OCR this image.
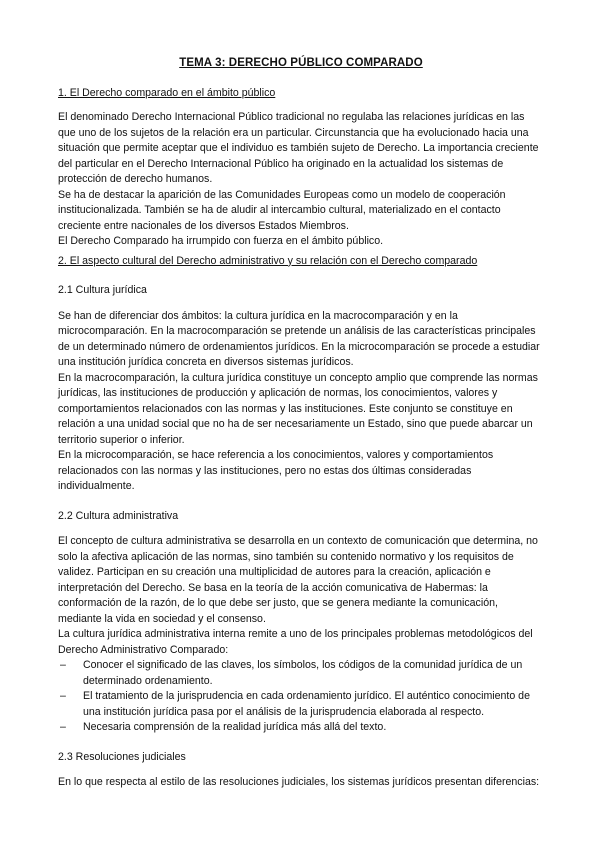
TEMA 3: DERECHO PÚBLICO COMPARADO
1. El Derecho comparado en el ámbito público

El denominado Derecho Internacional Público tradicional no regulaba las relaciones jurídicas en las que uno de los sujetos de la relación era un particular. Circunstancia que ha evolucionado hacia una situación que permite aceptar que el individuo es también sujeto de Derecho. La importancia creciente del particular en el Derecho Internacional Público ha originado en la actualidad los sistemas de protección de derecho humanos.

Se ha de destacar la aparición de las Comunidades Europeas como un modelo de cooperación institucionalizada. También se ha de aludir al intercambio cultural, materializado en el contacto creciente entre nacionales de los diversos Estados Miembros.

El Derecho Comparado ha irrumpido con fuerza en el ámbito público.

2. El aspecto cultural del Derecho administrativo y su relación con el Derecho comparado
2.1 Cultura jurídica

Se han de diferenciar dos ámbitos: la cultura jurídica en la macrocomparación y en la microcomparación. En la macrocomparación se pretende un análisis de las características principales de un determinado número de ordenamientos jurídicos. En la microcomparación se procede a estudiar una institución jurídica concreta en diversos sistemas jurídicos.

En la macrocomparación, la cultura jurídica constituye un concepto amplio que comprende las normas jurídicas, las instituciones de producción y aplicación de normas, los conocimientos, valores y comportamientos relacionados con las normas y las instituciones. Este conjunto se constituye en relación a una unidad social que no ha de ser necesariamente un Estado, sino que puede abarcar un territorio superior o inferior.

En la microcomparación, se hace referencia a los conocimientos, valores y comportamientos relacionados con las normas y las instituciones, pero no estas dos últimas consideradas individualmente.

2.2 Cultura administrativa

El concepto de cultura administrativa se desarrolla en un contexto de comunicación que determina, no solo la afectiva aplicación de las normas, sino también su contenido normativo y los requisitos de validez. Participan en su creación una multiplicidad de autores para la creación, aplicación e interpretación del Derecho. Se basa en la teoría de la acción comunicativa de Habermas: la conformación de la razón, de lo que debe ser justo, que se genera mediante la comunicación, mediante la vida en sociedad y el consenso.

La cultura jurídica administrativa interna remite a uno de los principales problemas metodológicos del Derecho Administrativo Comparado:

– Conocer el significado de las claves, los símbolos, los códigos de la comunidad jurídica de un determinado ordenamiento.
– El tratamiento de la jurisprudencia en cada ordenamiento jurídico. El auténtico conocimiento de una institución jurídica pasa por el análisis de la jurisprudencia elaborada al respecto.
– Necesaria comprensión de la realidad jurídica más allá del texto.
2.3 Resoluciones judiciales

En lo que respecta al estilo de las resoluciones judiciales, los sistemas jurídicos presentan diferencias:
